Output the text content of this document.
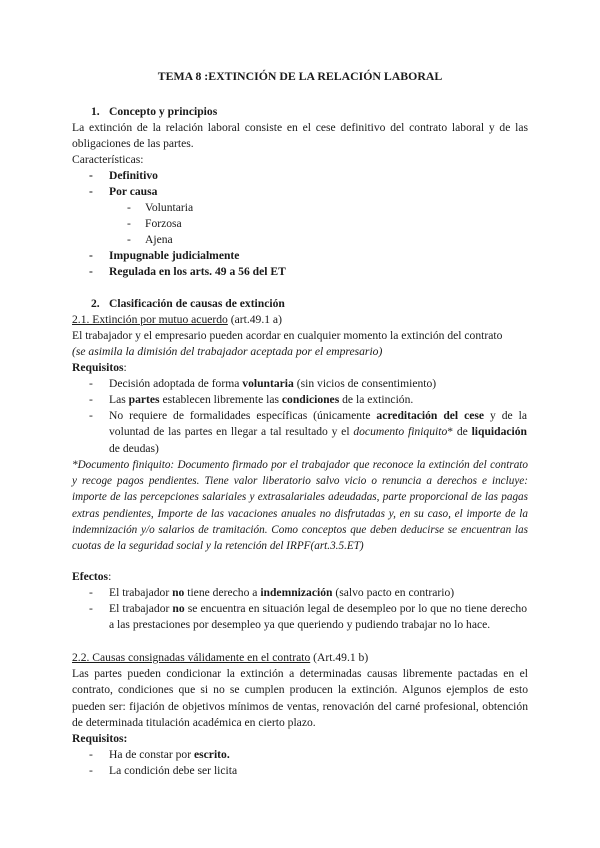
TEMA 8 :EXTINCIÓN DE LA RELACIÓN LABORAL
1. Concepto y principios
La extinción de la relación laboral consiste en el cese definitivo del contrato laboral y de las obligaciones de las partes.
Características:
- Definitivo
- Por causa
- Voluntaria
- Forzosa
- Ajena
- Impugnable judicialmente
- Regulada en los arts. 49 a 56 del ET
2. Clasificación de causas de extinción
2.1. Extinción por mutuo acuerdo (art.49.1 a)
El trabajador y el empresario pueden acordar en cualquier momento la extinción del contrato
(se asimila la dimisión del trabajador aceptada por el empresario)
Requisitos:
- Decisión adoptada de forma voluntaria (sin vicios de consentimiento)
- Las partes establecen libremente las condiciones de la extinción.
- No requiere de formalidades específicas (únicamente acreditación del cese y de la voluntad de las partes en llegar a tal resultado y el documento finiquito* de liquidación de deudas)
*Documento finiquito: Documento firmado por el trabajador que reconoce la extinción del contrato y recoge pagos pendientes. Tiene valor liberatorio salvo vicio o renuncia a derechos e incluye: importe de las percepciones salariales y extrasalariales adeudadas, parte proporcional de las pagas extras pendientes, Importe de las vacaciones anuales no disfrutadas y, en su caso, el importe de la indemnización y/o salarios de tramitación. Como conceptos que deben deducirse se encuentran las cuotas de la seguridad social y la retención del IRPF(art.3.5.ET)
Efectos:
- El trabajador no tiene derecho a indemnización (salvo pacto en contrario)
- El trabajador no se encuentra en situación legal de desempleo por lo que no tiene derecho a las prestaciones por desempleo ya que queriendo y pudiendo trabajar no lo hace.
2.2. Causas consignadas válidamente en el contrato (Art.49.1 b)
Las partes pueden condicionar la extinción a determinadas causas libremente pactadas en el contrato, condiciones que si no se cumplen producen la extinción. Algunos ejemplos de esto pueden ser: fijación de objetivos mínimos de ventas, renovación del carné profesional, obtención de determinada titulación académica en cierto plazo.
Requisitos:
- Ha de constar por escrito.
- La condición debe ser licita
